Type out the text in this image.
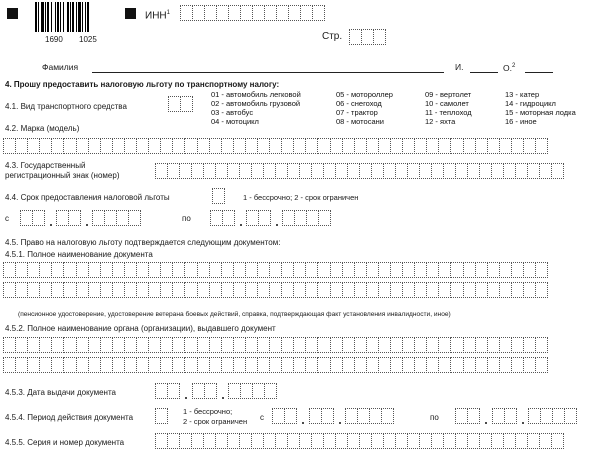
1690 1025
ИНН$^1$
Стр.
Фамилия	И.	О.$^2$
4. Прошу предоставить налоговую льготу по транспортному налогу:
4.1. Вид транспортного средства
01 - автомобиль легковой
02 - автомобиль грузовой
03 - автобус
04 - мотоцикл
05 - мотороллер
06 - снегоход
07 - трактор
08 - мотосани
09 - вертолет
10 - самолет
11 - теплоход
12 - яхта
13 - катер
14 - гидроцикл
15 - моторная лодка
16 - иное
4.2. Марка (модель)
4.3. Государственный
регистрационный знак (номер)
4.4. Срок предоставления налоговой льготы	1 - бессрочно; 2 - срок ограничен
с	по
4.5. Право на налоговую льготу подтверждается следующим документом:
4.5.1. Полное наименование документа
(пенсионное удостоверение, удостоверение ветерана боевых действий, справка, подтверждающая факт установления инвалидности, иное)
4.5.2. Полное наименование органа (организации), выдавшего документ
4.5.3. Дата выдачи документа
4.5.4. Период действия документа
1 - бессрочно;
2 - срок ограничен с	по
4.5.5. Серия и номер документа
